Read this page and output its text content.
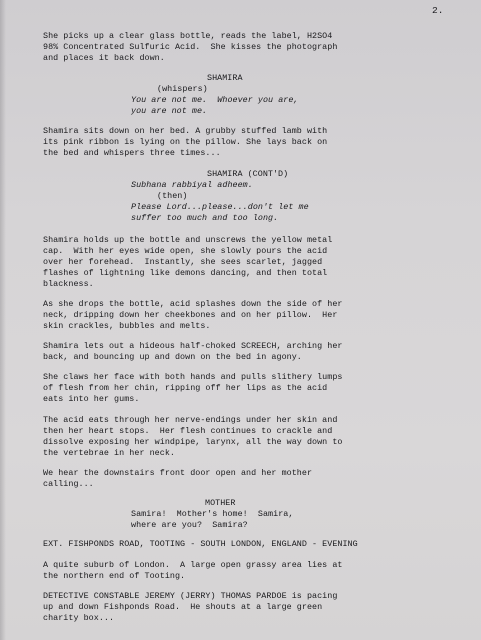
2.
She picks up a clear glass bottle, reads the label, H2SO4
98% Concentrated Sulfuric Acid.  She kisses the photograph
and places it back down.
SHAMIRA
(whispers)
You are not me.  Whoever you are,
you are not me.
Shamira sits down on her bed. A grubby stuffed lamb with
its pink ribbon is lying on the pillow. She lays back on
the bed and whispers three times...
SHAMIRA (CONT'D)
Subhana rabbiyal adheem.
(then)
Please Lord...please...don't let me
suffer too much and too long.
Shamira holds up the bottle and unscrews the yellow metal
cap.  With her eyes wide open, she slowly pours the acid
over her forehead.  Instantly, she sees scarlet, jagged
flashes of lightning like demons dancing, and then total
blackness.
As she drops the bottle, acid splashes down the side of her
neck, dripping down her cheekbones and on her pillow.  Her
skin crackles, bubbles and melts.
Shamira lets out a hideous half-choked SCREECH, arching her
back, and bouncing up and down on the bed in agony.
She claws her face with both hands and pulls slithery lumps
of flesh from her chin, ripping off her lips as the acid
eats into her gums.
The acid eats through her nerve-endings under her skin and
then her heart stops.  Her flesh continues to crackle and
dissolve exposing her windpipe, larynx, all the way down to
the vertebrae in her neck.
We hear the downstairs front door open and her mother
calling...
MOTHER
Samira!  Mother's home!  Samira,
where are you?  Samira?
EXT. FISHPONDS ROAD, TOOTING - SOUTH LONDON, ENGLAND - EVENING
A quite suburb of London.  A large open grassy area lies at
the northern end of Tooting.
DETECTIVE CONSTABLE JEREMY (JERRY) THOMAS PARDOE is pacing
up and down Fishponds Road.  He shouts at a large green
charity box...
